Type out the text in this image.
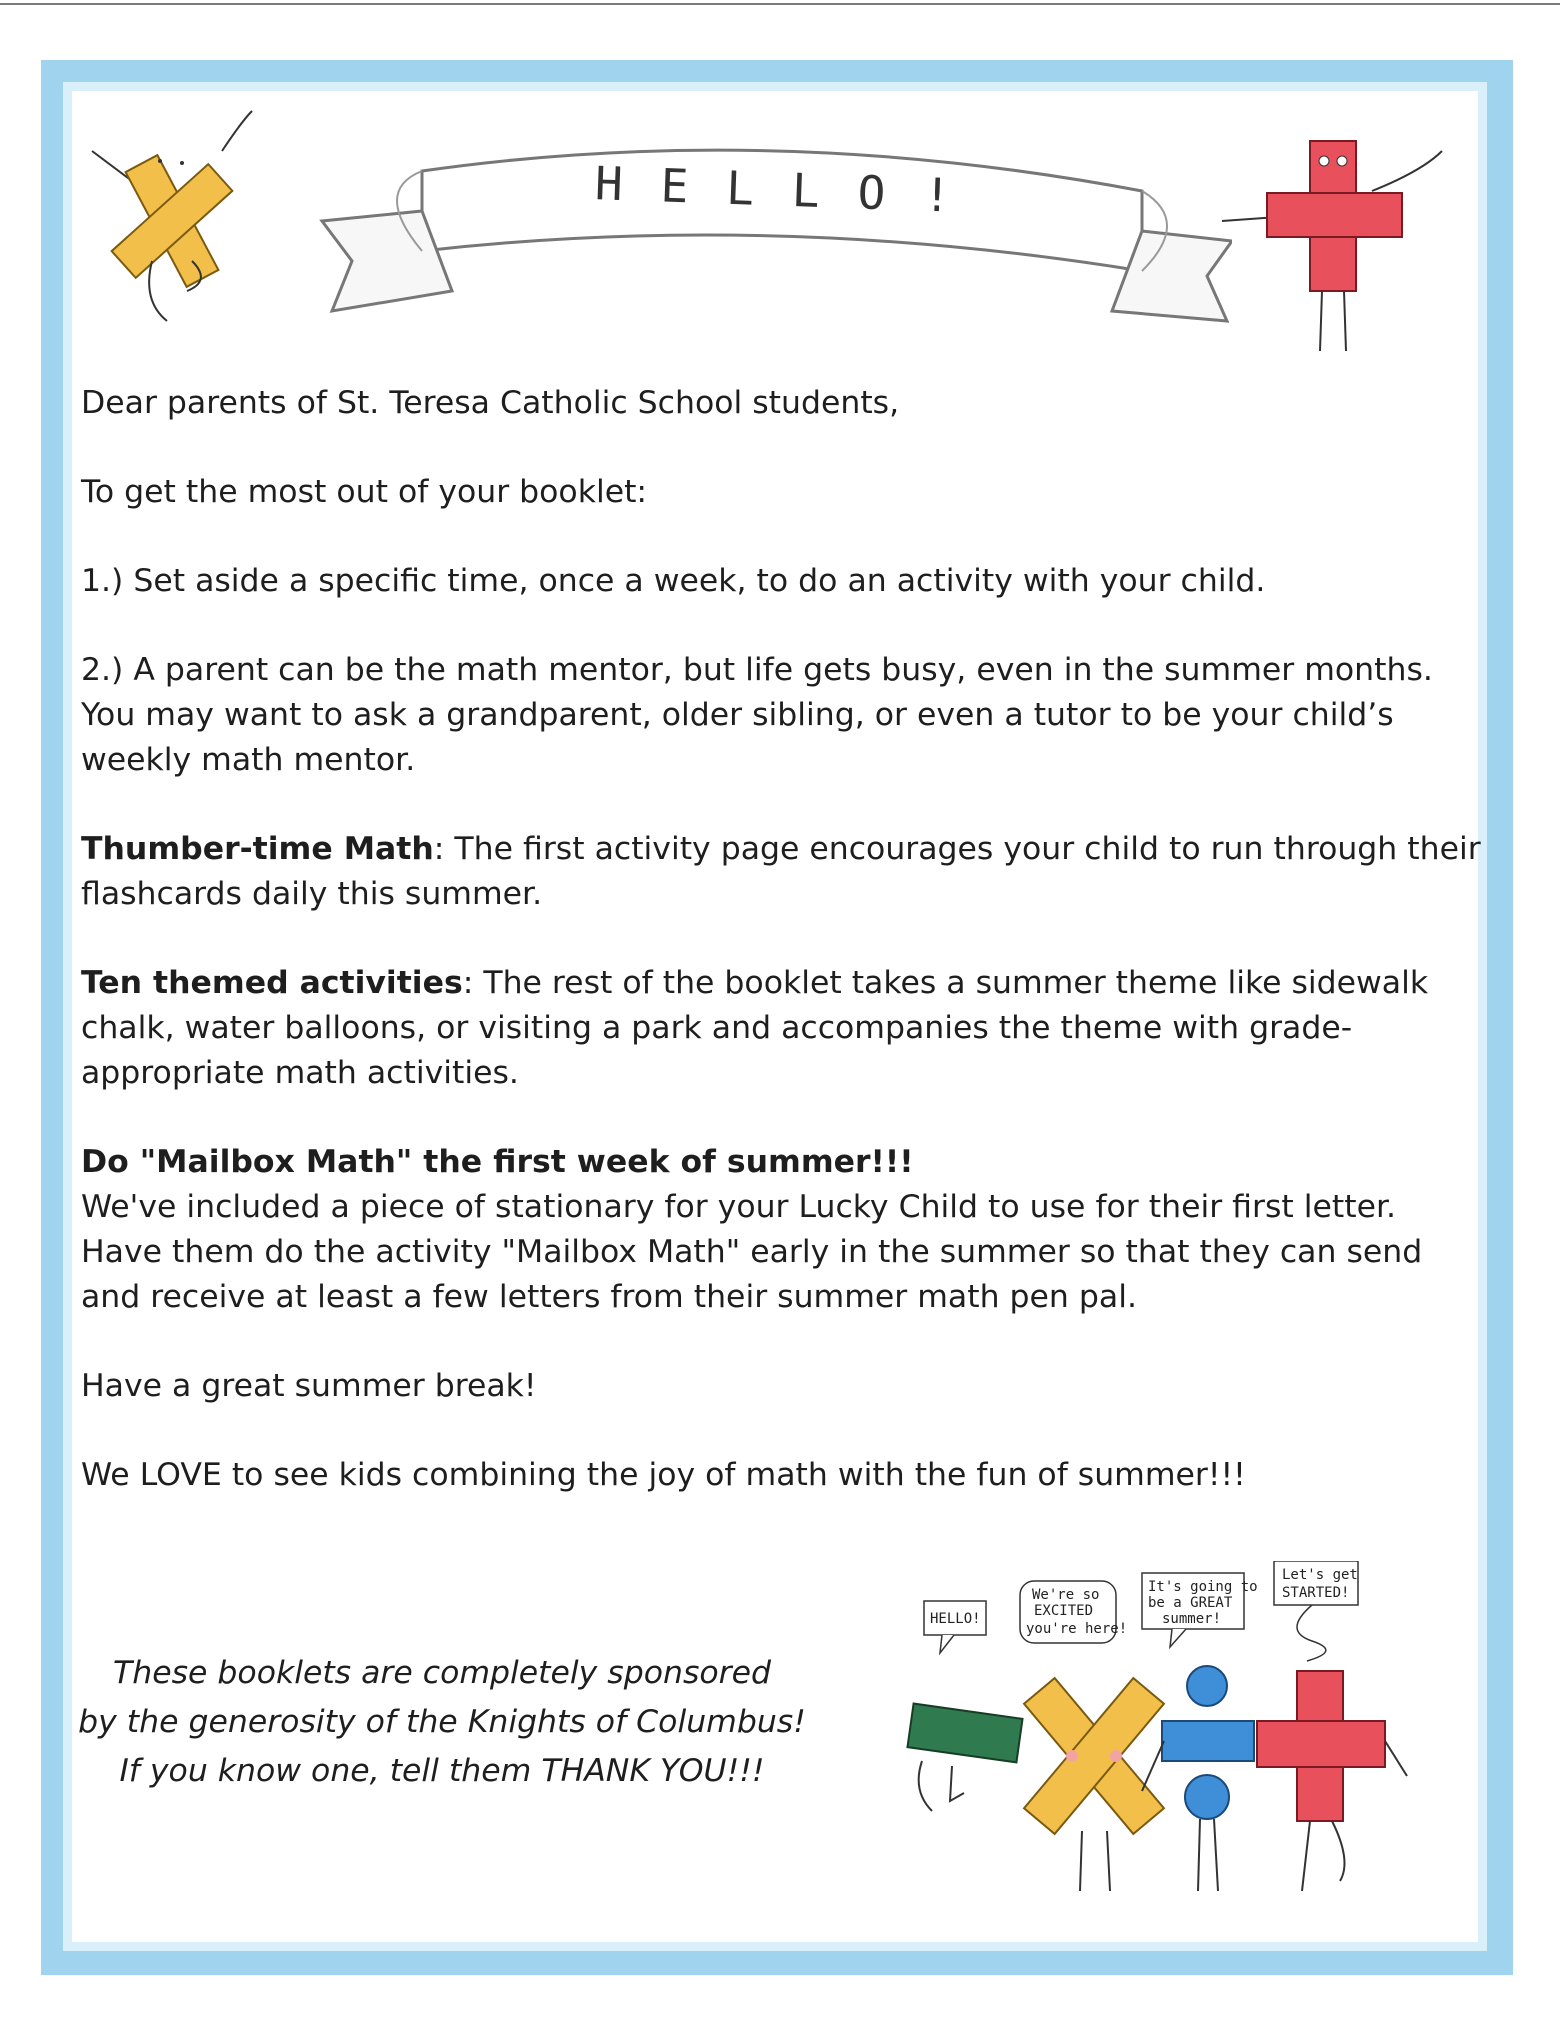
HELLO!

Dear parents of St. Teresa Catholic School students,

To get the most out of your booklet:

1.) Set aside a specific time, once a week, to do an activity with your child.

2.) A parent can be the math mentor, but life gets busy, even in the summer months. You may want to ask a grandparent, older sibling, or even a tutor to be your child’s weekly math mentor.

Thumber-time Math: The first activity page encourages your child to run through their flashcards daily this summer.

Ten themed activities: The rest of the booklet takes a summer theme like sidewalk chalk, water balloons, or visiting a park and accompanies the theme with grade-appropriate math activities.

Do "Mailbox Math" the first week of summer!!!
We've included a piece of stationary for your Lucky Child to use for their first letter. Have them do the activity "Mailbox Math" early in the summer so that they can send and receive at least a few letters from their summer math pen pal.

Have a great summer break!

We LOVE to see kids combining the joy of math with the fun of summer!!!

These booklets are completely sponsored
by the generosity of the Knights of Columbus!
If you know one, tell them THANK YOU!!!
HELLO!
We're so
EXCITED
you're here!
It's going to
be a GREAT
summer!
Let's get
STARTED!
